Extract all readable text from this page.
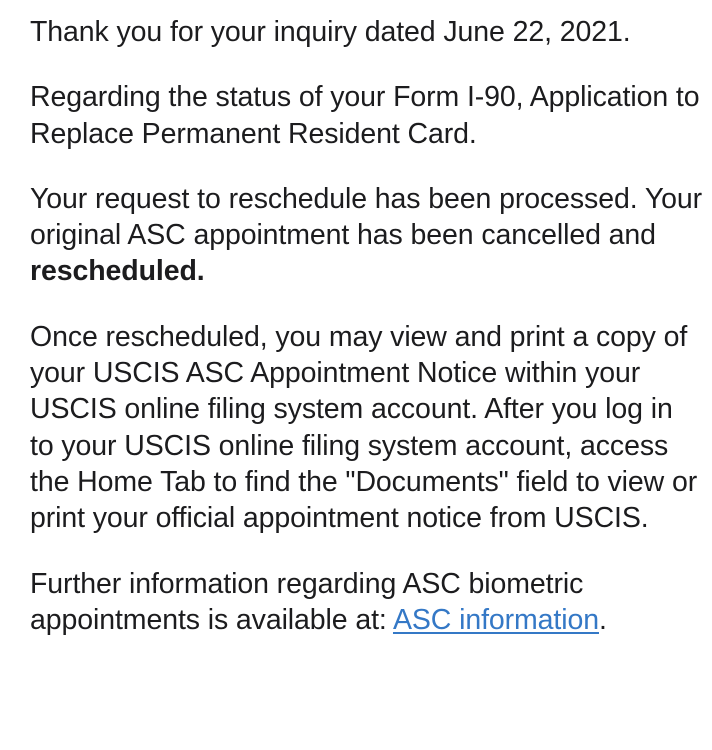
Thank you for your inquiry dated June 22, 2021.

Regarding the status of your Form I-90, Application to Replace Permanent Resident Card.

Your request to reschedule has been processed. Your original ASC appointment has been cancelled and rescheduled.

Once rescheduled, you may view and print a copy of your USCIS ASC Appointment Notice within your USCIS online filing system account. After you log in to your USCIS online filing system account, access the Home Tab to find the "Documents" field to view or print your official appointment notice from USCIS.

Further information regarding ASC biometric appointments is available at: ASC information.
